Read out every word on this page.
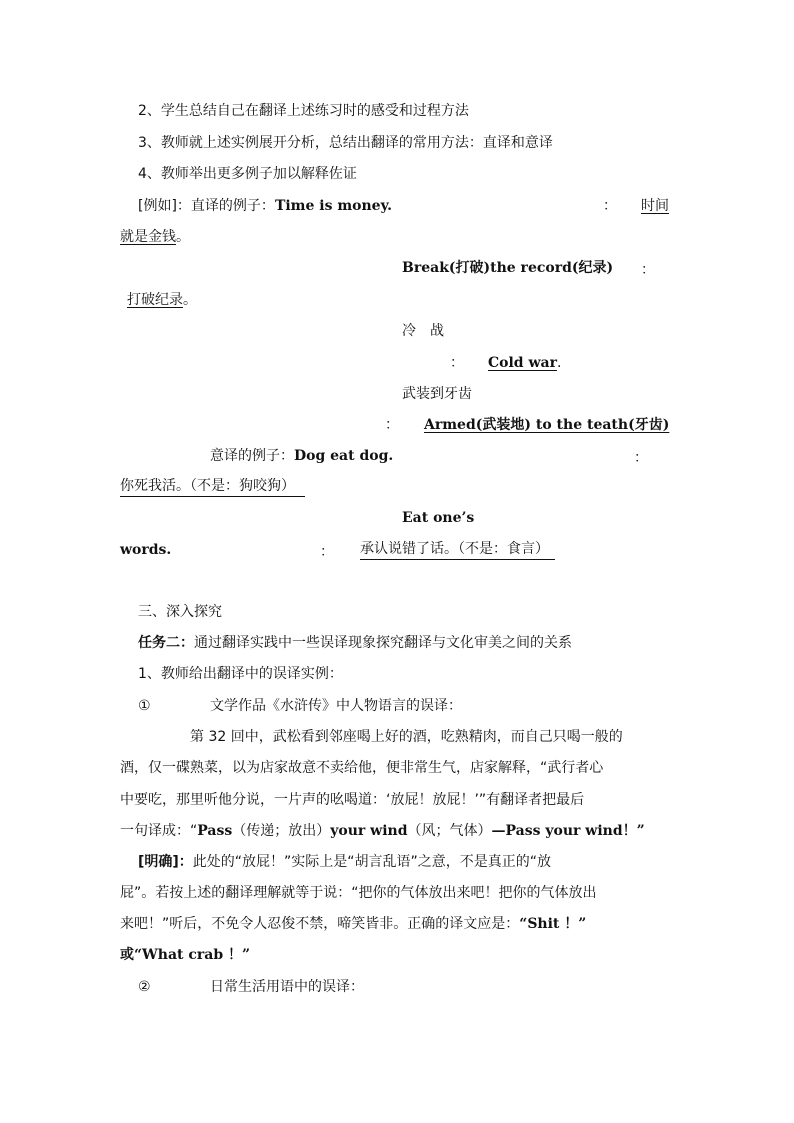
2、学生总结自己在翻译上述练习时的感受和过程方法
3、教师就上述实例展开分析，总结出翻译的常用方法：直译和意译
4、教师举出更多例子加以解释佐证
[例如]：直译的例子：Time is money.	： 时间
就是金钱。
Break(打破)the record(纪录) ：
打破纪录。
冷　战
： Cold war.
武装到牙齿
： Armed(武装地) to the teath(牙齿)
意译的例子：Dog eat dog.	：
你死我活。（不是：狗咬狗）
Eat one’s
words.	： 承认说错了话。（不是：食言）
三、深入探究
任务二：通过翻译实践中一些误译现象探究翻译与文化审美之间的关系
1、教师给出翻译中的误译实例：
①	文学作品《水浒传》中人物语言的误译：
第 32 回中，武松看到邻座喝上好的酒，吃熟精肉，而自己只喝一般的
酒，仅一碟熟菜，以为店家故意不卖给他，便非常生气，店家解释，“武行者心
中要吃，那里听他分说，一片声的吆喝道：‘放屁！放屁！’”有翻译者把最后
一句译成：“Pass（传递；放出）your wind（风；气体）—Pass your wind！”
[明确]：此处的“放屁！”实际上是“胡言乱语”之意，不是真正的“放
屁”。若按上述的翻译理解就等于说：“把你的气体放出来吧！把你的气体放出
来吧！”听后，不免令人忍俊不禁，啼笑皆非。正确的译文应是：“Shit ！”
或“What crab ！”
②	日常生活用语中的误译：
